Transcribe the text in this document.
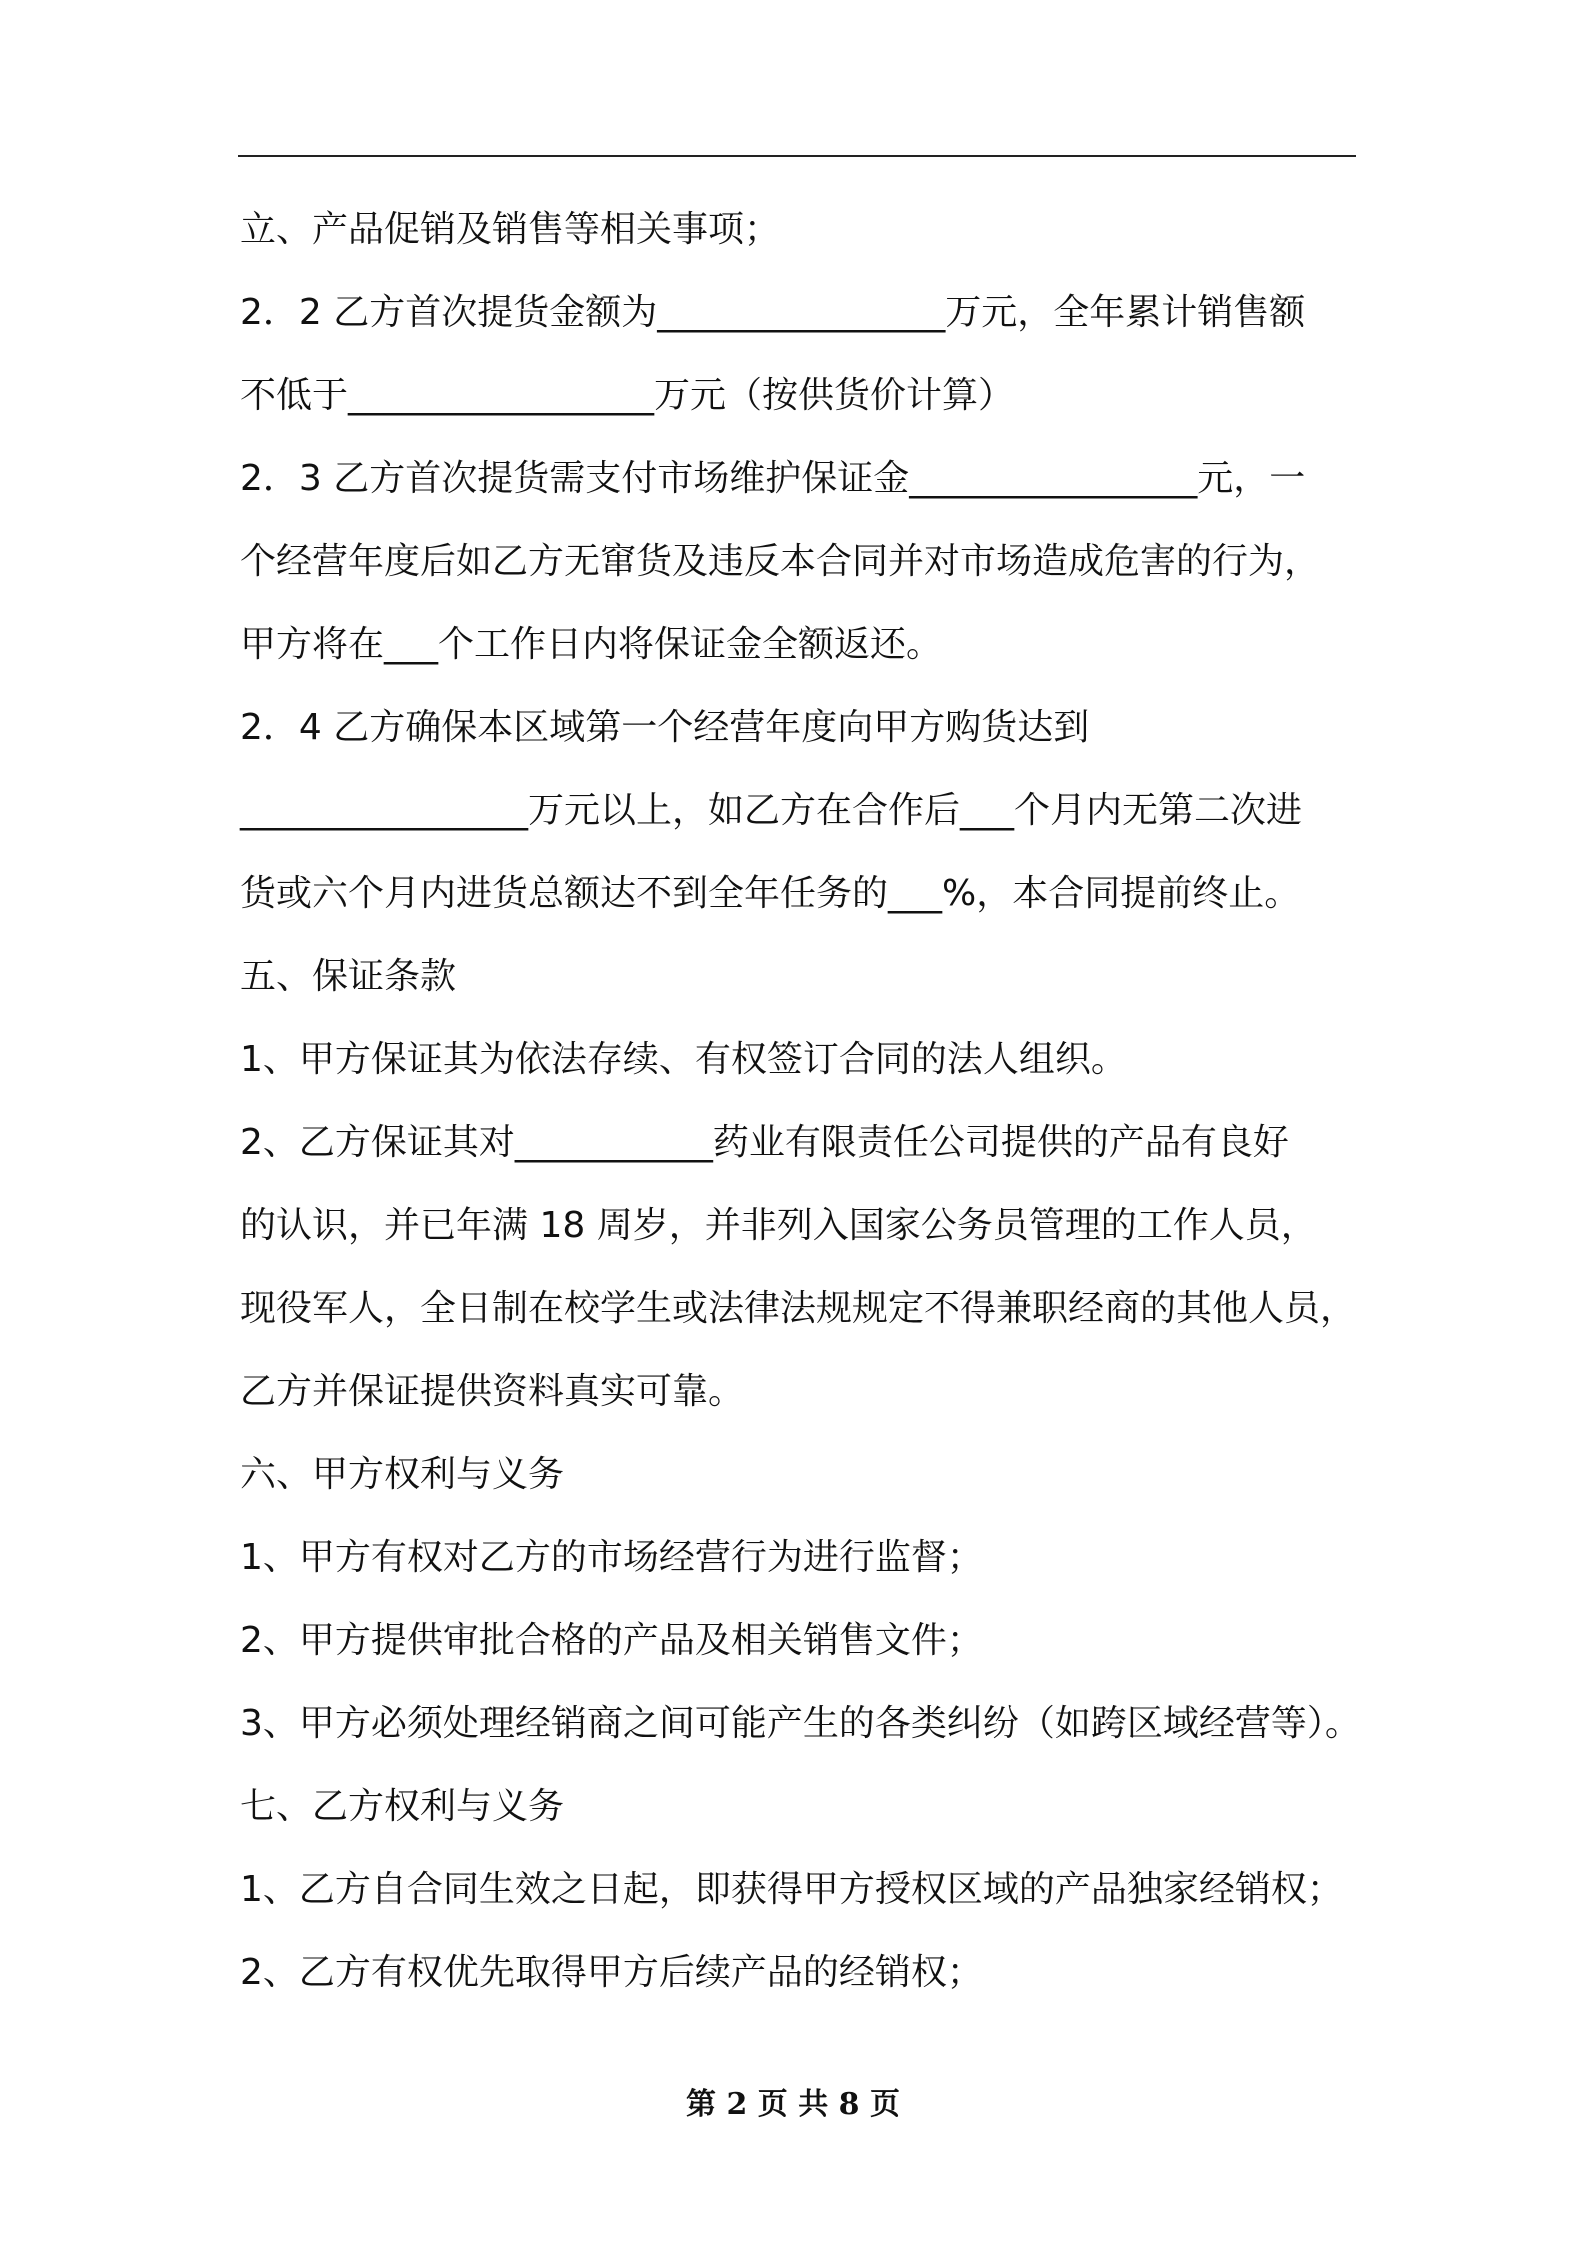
立、产品促销及销售等相关事项；
2．2 乙方首次提货金额为________________万元，全年累计销售额
不低于_________________万元（按供货价计算）
2．3 乙方首次提货需支付市场维护保证金________________元，一
个经营年度后如乙方无窜货及违反本合同并对市场造成危害的行为，
甲方将在___个工作日内将保证金全额返还。
2．4 乙方确保本区域第一个经营年度向甲方购货达到
________________万元以上，如乙方在合作后___个月内无第二次进
货或六个月内进货总额达不到全年任务的___%，本合同提前终止。
五、保证条款
1、甲方保证其为依法存续、有权签订合同的法人组织。
2、乙方保证其对___________药业有限责任公司提供的产品有良好
的认识，并已年满 18 周岁，并非列入国家公务员管理的工作人员，
现役军人，全日制在校学生或法律法规规定不得兼职经商的其他人员，
乙方并保证提供资料真实可靠。
六、甲方权利与义务
1、甲方有权对乙方的市场经营行为进行监督；
2、甲方提供审批合格的产品及相关销售文件；
3、甲方必须处理经销商之间可能产生的各类纠纷（如跨区域经营等）。
七、乙方权利与义务
1、乙方自合同生效之日起，即获得甲方授权区域的产品独家经销权；
2、乙方有权优先取得甲方后续产品的经销权；
第 2 页 共 8 页
